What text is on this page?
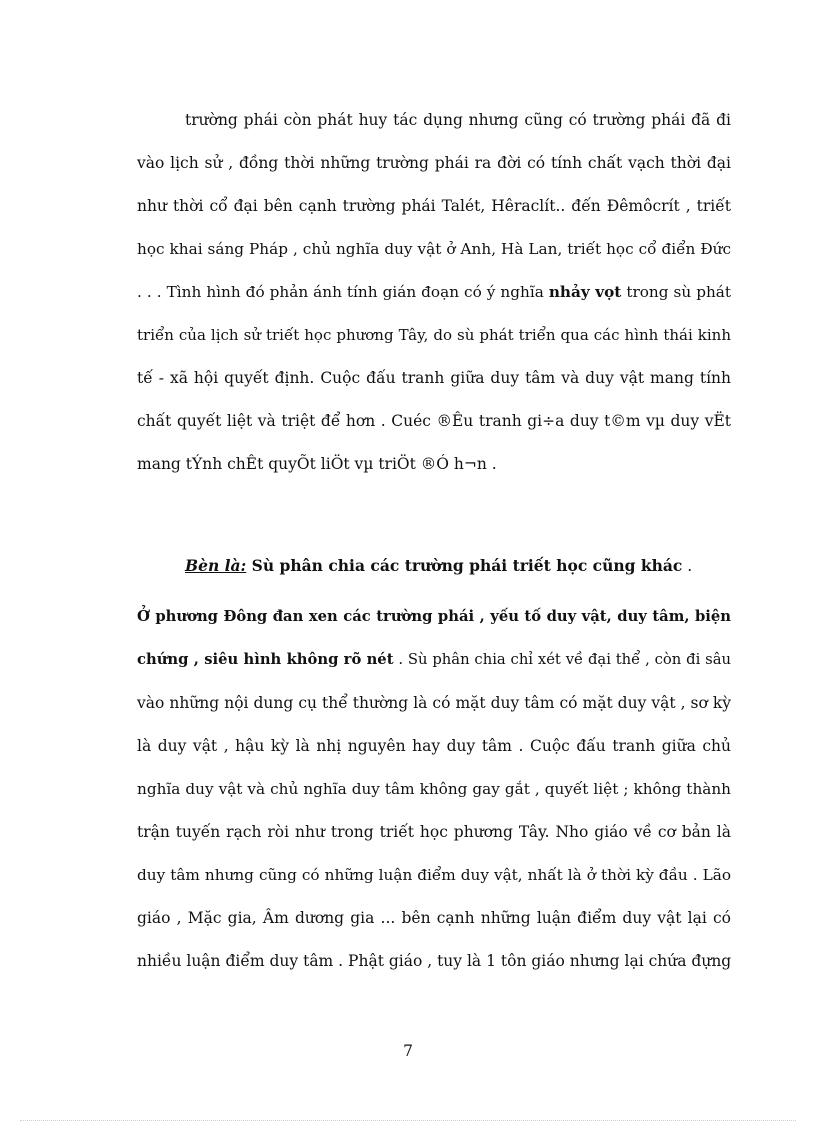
trường phái còn phát huy tác dụng nhưng cũng có trường phái đã đi
vào lịch sử , đồng thời những trường phái ra đời có tính chất vạch thời đại
như thời cổ đại bên cạnh trường phái Talét, Hêraclít.. đến Đêmôcrít , triết
học khai sáng Pháp , chủ nghĩa duy vật ở Anh, Hà Lan, triết học cổ điển Đức
. . . Tình hình đó phản ánh tính gián đoạn có ý nghĩa nhảy vọt trong sù phát
triển của lịch sử triết học phương Tây, do sù phát triển qua các hình thái kinh
tế - xã hội quyết định. Cuộc đấu tranh giữa duy tâm và duy vật mang tính
chất quyết liệt và triệt để hơn . Cuéc ®Êu tranh gi÷a duy t©m vµ duy vËt
mang tÝnh chÊt quyÕt liÖt vµ triÖt ®Ó h¬n .
Bèn là: Sù phân chia các trường phái triết học cũng khác .
Ở phương Đông đan xen các trường phái , yếu tố duy vật, duy tâm, biện
chứng , siêu hình không rõ nét . Sù phân chia chỉ xét về đại thể , còn đi sâu
vào những nội dung cụ thể thường là có mặt duy tâm có mặt duy vật , sơ kỳ
là duy vật , hậu kỳ là nhị nguyên hay duy tâm . Cuộc đấu tranh giữa chủ
nghĩa duy vật và chủ nghĩa duy tâm không gay gắt , quyết liệt ; không thành
trận tuyến rạch ròi như trong triết học phương Tây. Nho giáo về cơ bản là
duy tâm nhưng cũng có những luận điểm duy vật, nhất là ở thời kỳ đầu . Lão
giáo , Mặc gia, Âm dương gia ... bên cạnh những luận điểm duy vật lại có
nhiều luận điểm duy tâm . Phật giáo , tuy là 1 tôn giáo nhưng lại chứa đựng
7
